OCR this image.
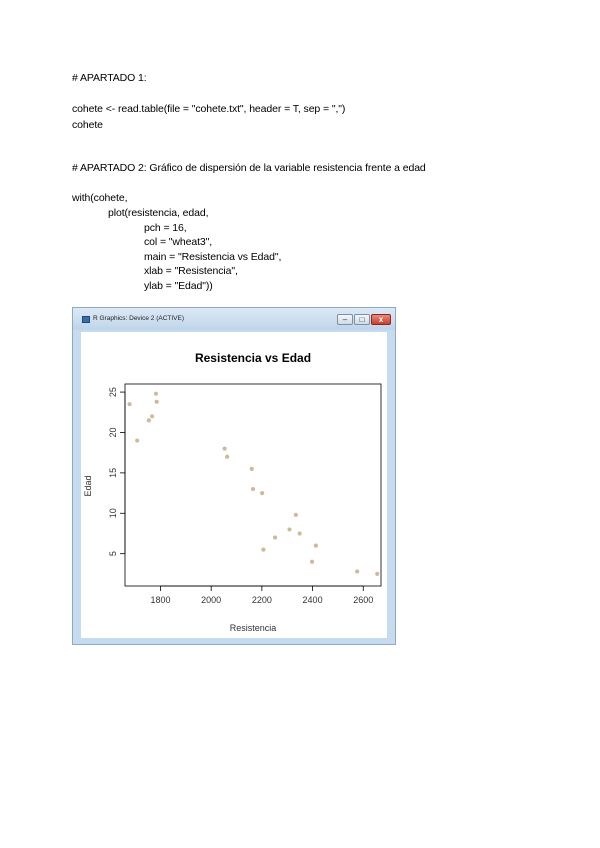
# APARTADO 1:
cohete <- read.table(file = "cohete.txt", header = T, sep = ",")
cohete
# APARTADO 2: Gráfico de dispersión de la variable resistencia frente a edad
with(cohete,
plot(resistencia, edad,
pch = 16,
col = "wheat3",
main = "Resistencia vs Edad",
xlab = "Resistencia",
ylab = "Edad"))
R Graphics: Device 2 (ACTIVE)	–	□	x
Resistencia vs Edad
Resistencia
Edad
1800	2000	2200	2400	2600
5
10
15
20
25
